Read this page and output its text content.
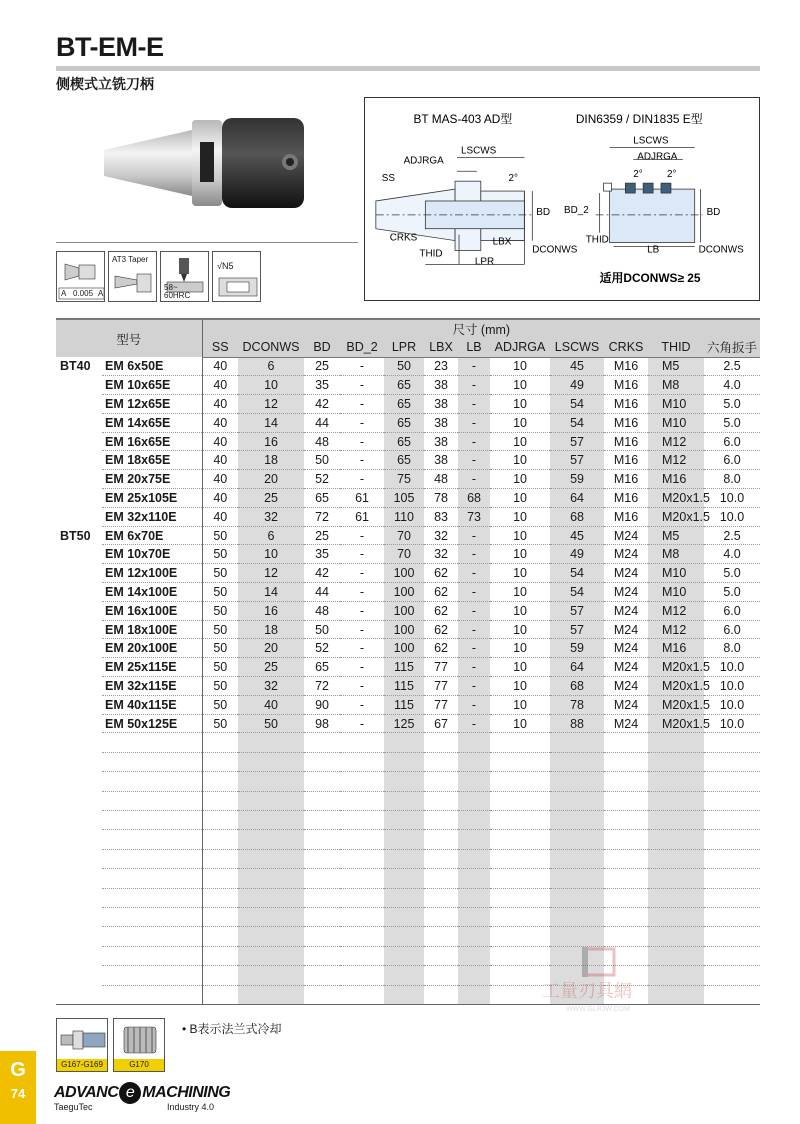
BT-EM-E
侧楔式立铣刀柄
A 0.005 A
AT3 Taper
58~
60HRC
√N5
BT MAS-403 AD型	DIN6359 / DIN1835 E型
LSCWS
ADJRGA
SS	2°
BD
CRKS	LBX
THID	DCONWS
LPR
LSCWS
ADJRGA
2° 2°
BD_2	BD
THID
LB	DCONWS
适用DCONWS≥ 25
型号		尺寸 (mm)											
		SS	DCONWS	BD	BD_2	LPR	LBX	LB	ADJRGA	LSCWS	CRKS	THID	六角扳手
BT40	EM 6x50E	40	6	25	-	50	23	-	10	45	M16	M5	2.5
	EM 10x65E	40	10	35	-	65	38	-	10	49	M16	M8	4.0
	EM 12x65E	40	12	42	-	65	38	-	10	54	M16	M10	5.0
	EM 14x65E	40	14	44	-	65	38	-	10	54	M16	M10	5.0
	EM 16x65E	40	16	48	-	65	38	-	10	57	M16	M12	6.0
	EM 18x65E	40	18	50	-	65	38	-	10	57	M16	M12	6.0
	EM 20x75E	40	20	52	-	75	48	-	10	59	M16	M16	8.0
	EM 25x105E	40	25	65	61	105	78	68	10	64	M16	M20x1.5	10.0
	EM 32x110E	40	32	72	61	110	83	73	10	68	M16	M20x1.5	10.0
BT50	EM 6x70E	50	6	25	-	70	32	-	10	45	M24	M5	2.5
	EM 10x70E	50	10	35	-	70	32	-	10	49	M24	M8	4.0
	EM 12x100E	50	12	42	-	100	62	-	10	54	M24	M10	5.0
	EM 14x100E	50	14	44	-	100	62	-	10	54	M24	M10	5.0
	EM 16x100E	50	16	48	-	100	62	-	10	57	M24	M12	6.0
	EM 18x100E	50	18	50	-	100	62	-	10	57	M24	M12	6.0
	EM 20x100E	50	20	52	-	100	62	-	10	59	M24	M16	8.0
	EM 25x115E	50	25	65	-	115	77	-	10	64	M24	M20x1.5	10.0
	EM 32x115E	50	32	72	-	115	77	-	10	68	M24	M20x1.5	10.0
	EM 40x115E	50	40	90	-	115	77	-	10	78	M24	M20x1.5	10.0
	EM 50x125E	50	50	98	-	125	67	-	10	88	M24	M20x1.5	10.0

G167-G169	G170
• B表示法兰式冷却
G
74	ADVANC e MACHINING
TaeguTec	Industry 4.0
工量刃具網
WWW.GLRJW.COM
